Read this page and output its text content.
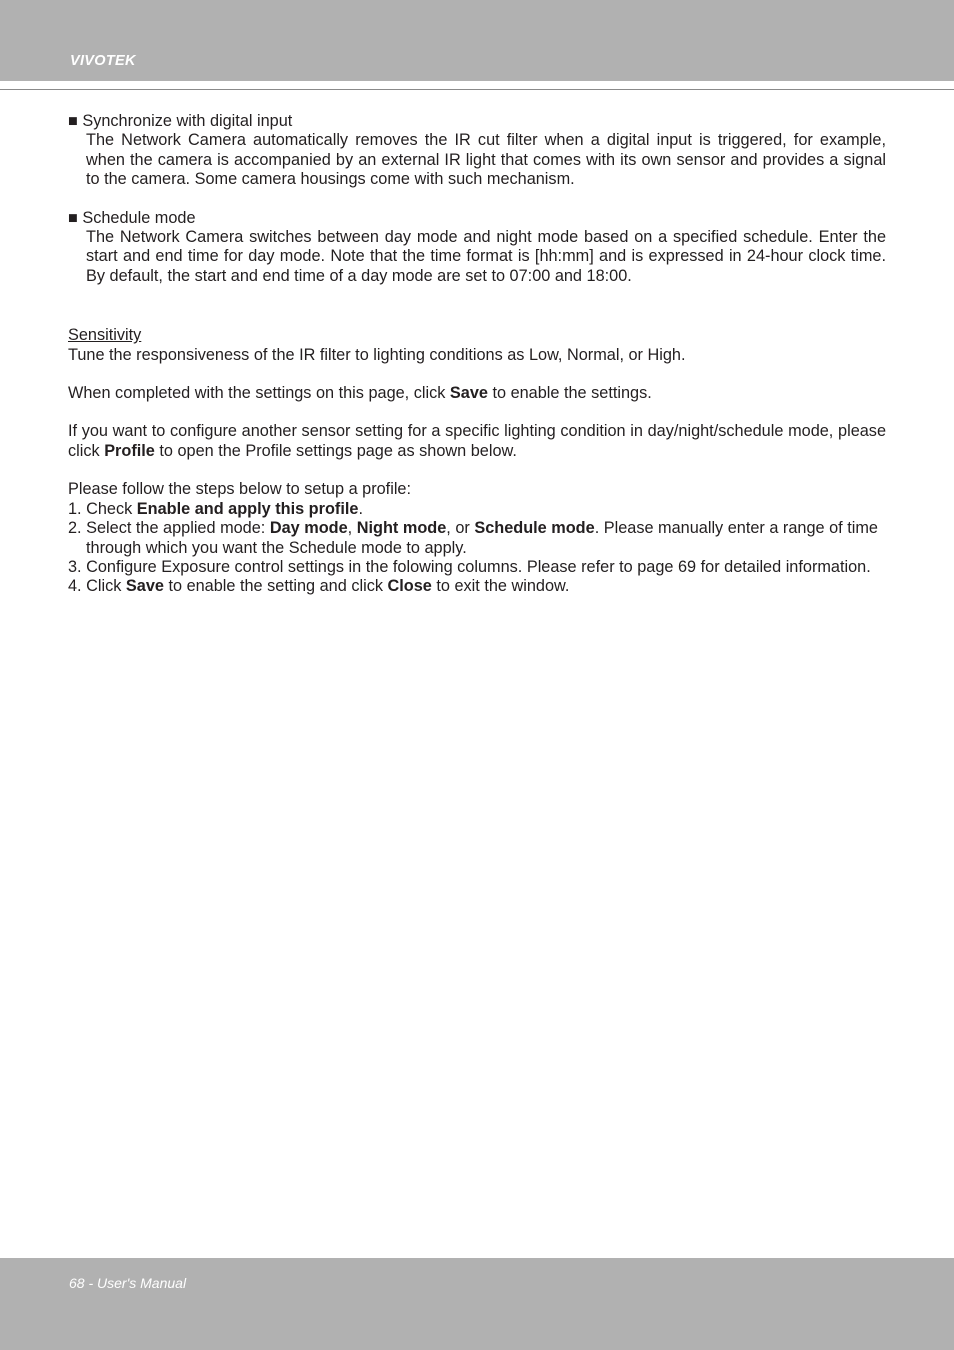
VIVOTEK

■ Synchronize with digital input

The Network Camera automatically removes the IR cut filter when a digital input is triggered, for example, when the camera is accompanied by an external IR light that comes with its own sensor and provides a signal to the camera. Some camera housings come with such mechanism.

■ Schedule mode

The Network Camera switches between day mode and night mode based on a specified schedule. Enter the start and end time for day mode. Note that the time format is [hh:mm] and is expressed in 24-hour clock time. By default, the start and end time of a day mode are set to 07:00 and 18:00.

Sensitivity

Tune the responsiveness of the IR filter to lighting conditions as Low, Normal, or High.

When completed with the settings on this page, click Save to enable the settings.

If you want to configure another sensor setting for a specific lighting condition in day/night/schedule mode, please click Profile to open the Profile settings page as shown below.

Please follow the steps below to setup a profile:

1. Check Enable and apply this profile.

2. Select the applied mode: Day mode, Night mode, or Schedule mode. Please manually enter a range of time through which you want the Schedule mode to apply.

3. Configure Exposure control settings in the folowing columns. Please refer to page 69 for detailed information.

4. Click Save to enable the setting and click Close to exit the window.

68 - User's Manual
